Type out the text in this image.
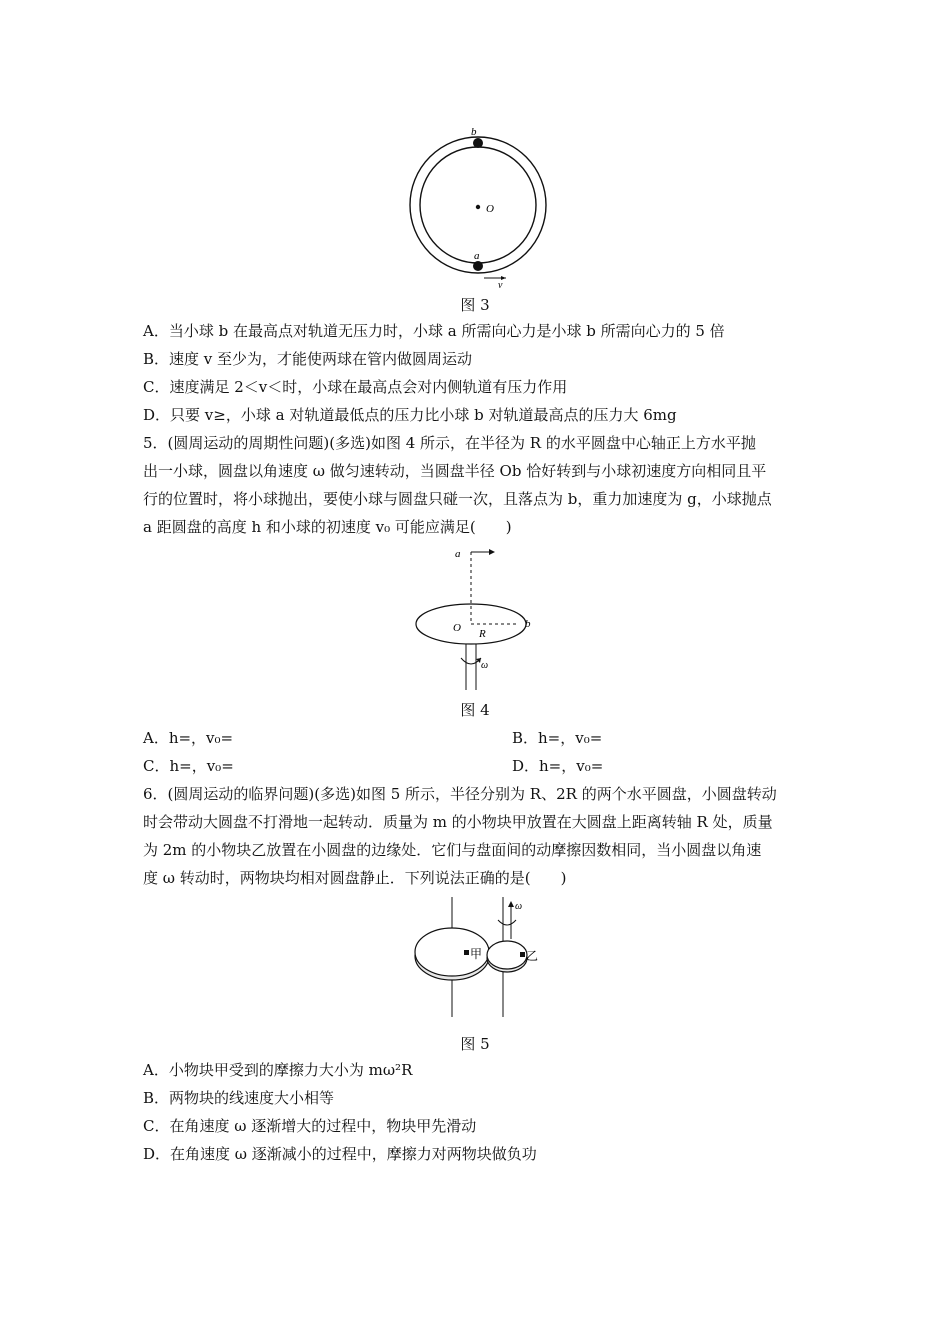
b
O
a
v
图 3
A．当小球 b 在最高点对轨道无压力时，小球 a 所需向心力是小球 b 所需向心力的 5 倍
B．速度 v 至少为，才能使两球在管内做圆周运动
C．速度满足 2＜v＜时，小球在最高点会对内侧轨道有压力作用
D．只要 v≥，小球 a 对轨道最低点的压力比小球 b 对轨道最高点的压力大 6mg
5．(圆周运动的周期性问题)(多选)如图 4 所示，在半径为 R 的水平圆盘中心轴正上方水平抛
出一小球，圆盘以角速度 ω 做匀速转动，当圆盘半径 Ob 恰好转到与小球初速度方向相同且平
行的位置时，将小球抛出，要使小球与圆盘只碰一次，且落点为 b，重力加速度为 g，小球抛点
a 距圆盘的高度 h 和小球的初速度 v₀ 可能应满足(　　)
a
O R
b
ω
图 4
A．h=，v₀=	B．h=，v₀=
C．h=，v₀=	D．h=，v₀=
6．(圆周运动的临界问题)(多选)如图 5 所示，半径分别为 R、2R 的两个水平圆盘，小圆盘转动
时会带动大圆盘不打滑地一起转动．质量为 m 的小物块甲放置在大圆盘上距离转轴 R 处，质量
为 2m 的小物块乙放置在小圆盘的边缘处．它们与盘面间的动摩擦因数相同，当小圆盘以角速
度 ω 转动时，两物块均相对圆盘静止．下列说法正确的是(　　)
甲
ω
乙
图 5
A．小物块甲受到的摩擦力大小为 mω²R
B．两物块的线速度大小相等
C．在角速度 ω 逐渐增大的过程中，物块甲先滑动
D．在角速度 ω 逐渐减小的过程中，摩擦力对两物块做负功
